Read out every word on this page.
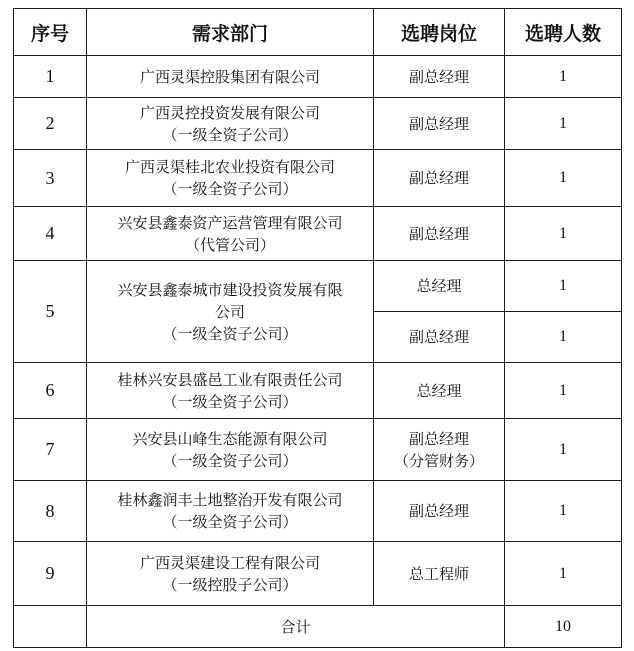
序号	需求部门	选聘岗位	选聘人数
1	广西灵渠控股集团有限公司	副总经理	1
2	广西灵控投资发展有限公司
（一级全资子公司）	副总经理	1
3	广西灵渠桂北农业投资有限公司
（一级全资子公司）	副总经理	1
4	兴安县鑫泰资产运营管理有限公司
（代管公司）	副总经理	1
5	兴安县鑫泰城市建设投资发展有限
公司
（一级全资子公司）	总经理	1
		副总经理	1
6	桂林兴安县盛邑工业有限责任公司
（一级全资子公司）	总经理	1
7	兴安县山峰生态能源有限公司
（一级全资子公司）	副总经理
（分管财务）	1
8	桂林鑫润丰土地整治开发有限公司
（一级全资子公司）	副总经理	1
9	广西灵渠建设工程有限公司
（一级控股子公司）	总工程师	1
	合计		10
